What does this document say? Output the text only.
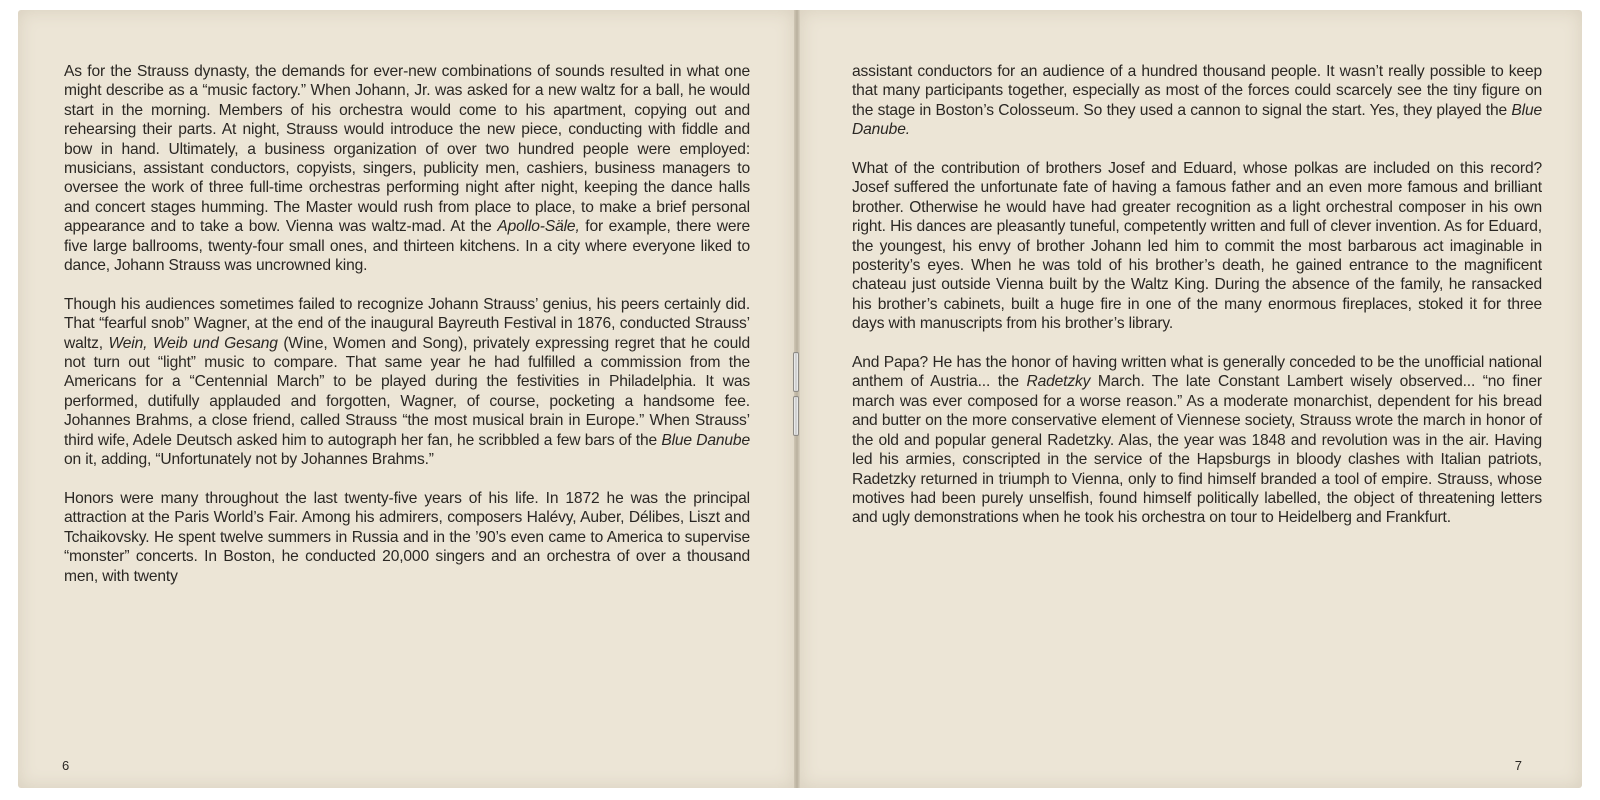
As for the Strauss dynasty, the demands for ever-new combinations of sounds resulted in what one might describe as a “music factory.” When Johann, Jr. was asked for a new waltz for a ball, he would start in the morning. Members of his orchestra would come to his apartment, copying out and rehearsing their parts. At night, Strauss would introduce the new piece, conducting with fiddle and bow in hand. Ultimately, a business organization of over two hundred people were employed: musicians, assistant conductors, copyists, singers, publicity men, cashiers, business managers to oversee the work of three full-time orchestras performing night after night, keeping the dance halls and concert stages humming. The Master would rush from place to place, to make a brief personal appearance and to take a bow. Vienna was waltz-mad. At the Apollo-Säle, for example, there were five large ballrooms, twenty-four small ones, and thirteen kitchens. In a city where everyone liked to dance, Johann Strauss was uncrowned king.

Though his audiences sometimes failed to recognize Johann Strauss’ genius, his peers certainly did. That “fearful snob” Wagner, at the end of the inaugural Bayreuth Festival in 1876, conducted Strauss’ waltz, Wein, Weib und Gesang (Wine, Women and Song), privately expressing regret that he could not turn out “light” music to compare. That same year he had fulfilled a commission from the Americans for a “Centennial March” to be played during the festivities in Philadelphia. It was performed, dutifully applauded and forgotten, Wagner, of course, pocketing a handsome fee. Johannes Brahms, a close friend, called Strauss “the most musical brain in Europe.” When Strauss’ third wife, Adele Deutsch asked him to autograph her fan, he scribbled a few bars of the Blue Danube on it, adding, “Unfortunately not by Johannes Brahms.”

Honors were many throughout the last twenty-five years of his life. In 1872 he was the principal attraction at the Paris World’s Fair. Among his admirers, composers Halévy, Auber, Délibes, Liszt and Tchaikovsky. He spent twelve summers in Russia and in the ’90’s even came to America to supervise “monster” concerts. In Boston, he conducted 20,000 singers and an orchestra of over a thousand men, with twenty

6

assistant conductors for an audience of a hundred thousand people. It wasn’t really possible to keep that many participants together, especially as most of the forces could scarcely see the tiny figure on the stage in Boston’s Colosseum. So they used a cannon to signal the start. Yes, they played the Blue Danube.

What of the contribution of brothers Josef and Eduard, whose polkas are included on this record? Josef suffered the unfortunate fate of having a famous father and an even more famous and brilliant brother. Otherwise he would have had greater recognition as a light orchestral composer in his own right. His dances are pleasantly tuneful, competently written and full of clever invention. As for Eduard, the youngest, his envy of brother Johann led him to commit the most barbarous act imaginable in posterity’s eyes. When he was told of his brother’s death, he gained entrance to the magnificent chateau just outside Vienna built by the Waltz King. During the absence of the family, he ransacked his brother’s cabinets, built a huge fire in one of the many enormous fireplaces, stoked it for three days with manuscripts from his brother’s library.

And Papa? He has the honor of having written what is generally conceded to be the unofficial national anthem of Austria... the Radetzky March. The late Constant Lambert wisely observed... “no finer march was ever composed for a worse reason.” As a moderate monarchist, dependent for his bread and butter on the more conservative element of Viennese society, Strauss wrote the march in honor of the old and popular general Radetzky. Alas, the year was 1848 and revolution was in the air. Having led his armies, conscripted in the service of the Hapsburgs in bloody clashes with Italian patriots, Radetzky returned in triumph to Vienna, only to find himself branded a tool of empire. Strauss, whose motives had been purely unselfish, found himself politically labelled, the object of threatening letters and ugly demonstrations when he took his orchestra on tour to Heidelberg and Frankfurt.

7
